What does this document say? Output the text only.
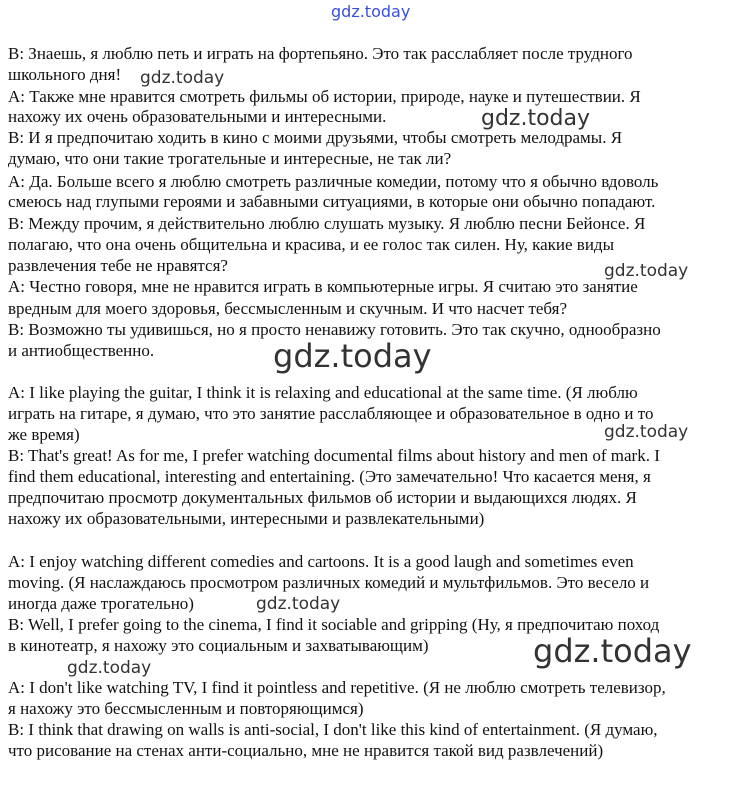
B: Знаешь, я люблю петь и играть на фортепьяно. Это так расслабляет после трудного
школьного дня!
А: Также мне нравится смотреть фильмы об истории, природе, науке и путешествии. Я
нахожу их очень образовательными и интересными.
В: И я предпочитаю ходить в кино с моими друзьями, чтобы смотреть мелодрамы. Я
думаю, что они такие трогательные и интересные, не так ли?
А: Да. Больше всего я люблю смотреть различные комедии, потому что я обычно вдоволь
смеюсь над глупыми героями и забавными ситуациями, в которые они обычно попадают.
В: Между прочим, я действительно люблю слушать музыку. Я люблю песни Бейонсе. Я
полагаю, что она очень общительна и красива, и ее голос так силен. Ну, какие виды
развлечения тебе не нравятся?
А: Честно говоря, мне не нравится играть в компьютерные игры. Я считаю это занятие
вредным для моего здоровья, бессмысленным и скучным. И что насчет тебя?
В: Возможно ты удивишься, но я просто ненавижу готовить. Это так скучно, однообразно
и антиобщественно.
A: I like playing the guitar, I think it is relaxing and educational at the same time. (Я люблю
играть на гитаре, я думаю, что это занятие расслабляющее и образовательное в одно и то
же время)
B: That's great! As for me, I prefer watching documental films about history and men of mark. I
find them educational, interesting and entertaining. (Это замечательно! Что касается меня, я
предпочитаю просмотр документальных фильмов об истории и выдающихся людях. Я
нахожу их образовательными, интересными и развлекательными)
A: I enjoy watching different comedies and cartoons. It is a good laugh and sometimes even
moving. (Я наслаждаюсь просмотром различных комедий и мультфильмов. Это весело и
иногда даже трогательно)
B: Well, I prefer going to the cinema, I find it sociable and gripping (Ну, я предпочитаю поход
в кинотеатр, я нахожу это социальным и захватывающим)
A: I don't like watching TV, I find it pointless and repetitive. (Я не люблю смотреть телевизор,
я нахожу это бессмысленным и повторяющимся)
B: I think that drawing on walls is anti-social, I don't like this kind of entertainment. (Я думаю,
что рисование на стенах анти-социально, мне не нравится такой вид развлечений)
gdz.today
gdz.today
gdz.today
gdz.today
gdz.today
gdz.today
gdz.today
gdz.today
gdz.today
